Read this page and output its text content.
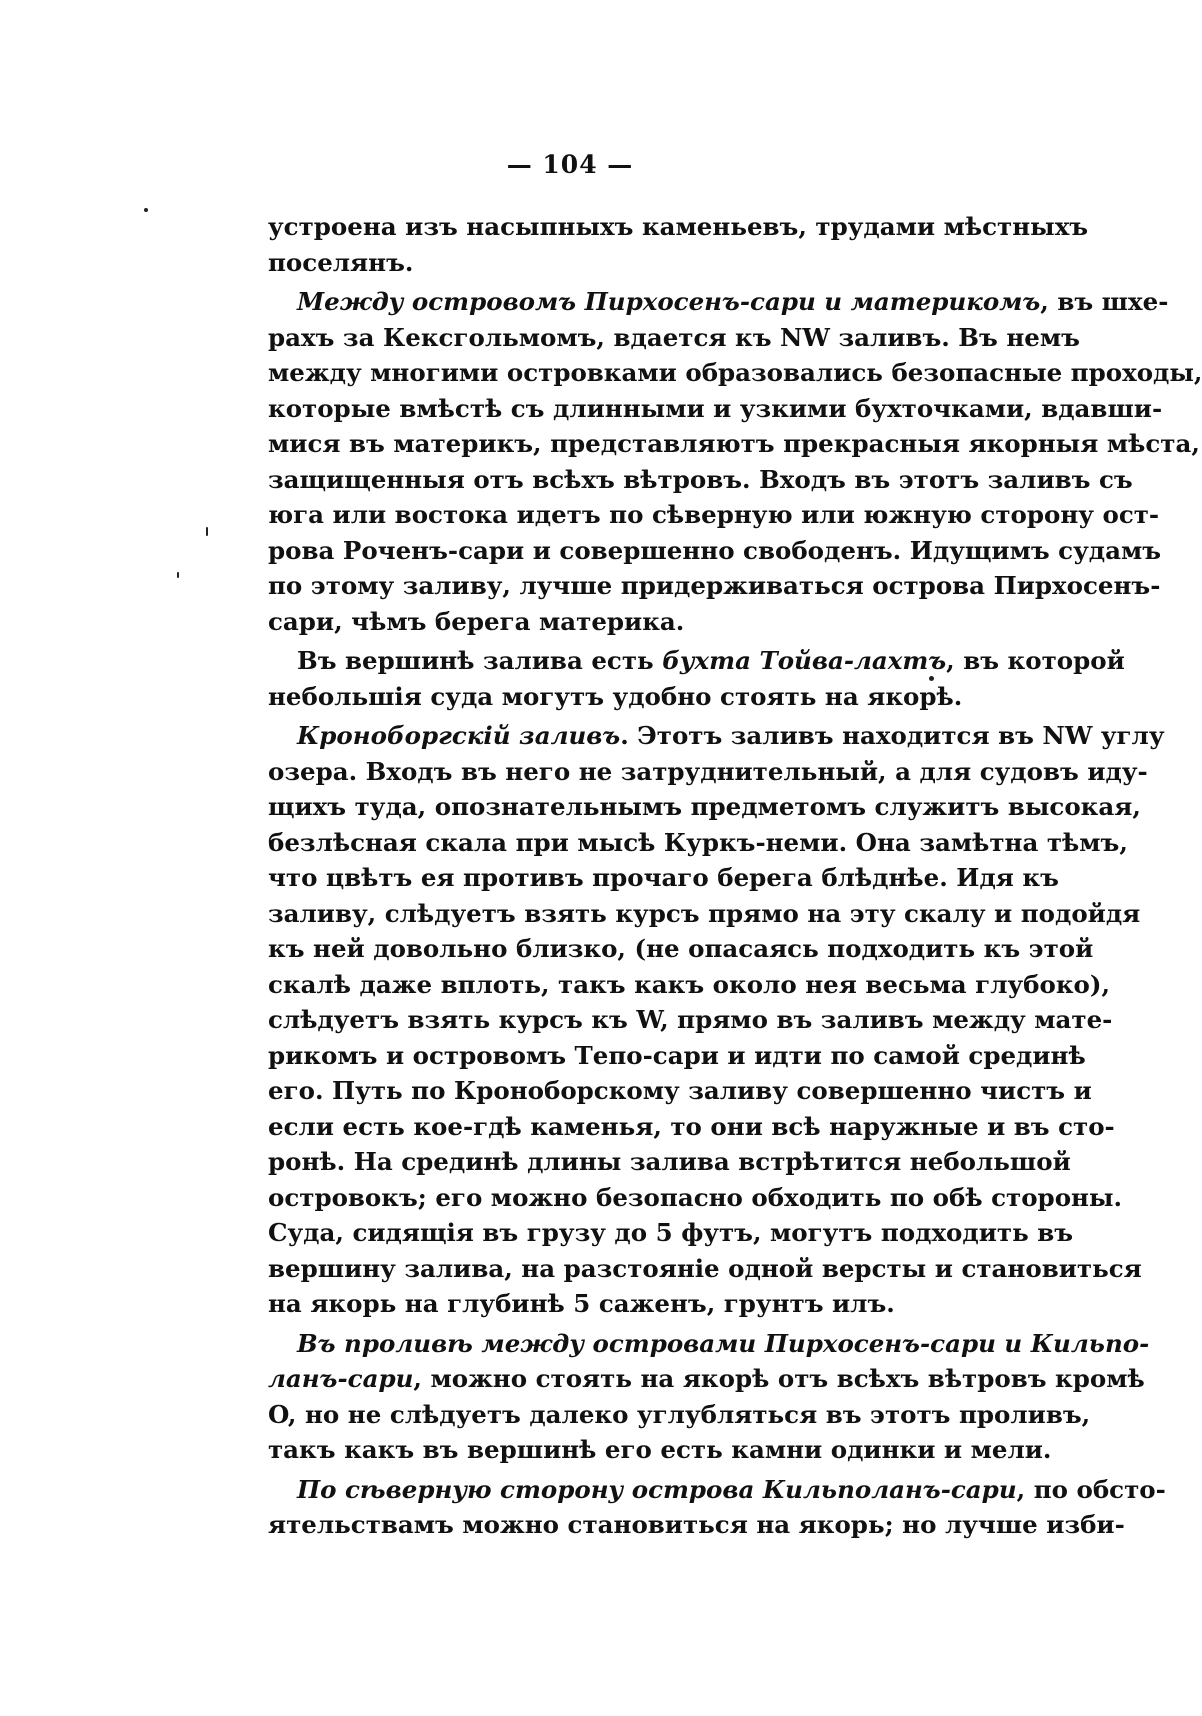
— 104 —
устроена изъ насыпныхъ каменьевъ, трудами мѣстныхъ
поселянъ.
Между островомъ Пирхосенъ-сари и материкомъ, въ шхе-
рахъ за Кексгольмомъ, вдается къ NW заливъ. Въ немъ
между многими островками образовались безопасные проходы,
которые вмѣстѣ съ длинными и узкими бухточками, вдавши-
мися въ материкъ, представляютъ прекрасныя якорныя мѣста,
защищенныя отъ всѣхъ вѣтровъ. Входъ въ этотъ заливъ съ
юга или востока идетъ по сѣверную или южную сторону ост-
рова Роченъ-сари и совершенно свободенъ. Идущимъ судамъ
по этому заливу, лучше придерживаться острова Пирхосенъ-
сари, чѣмъ берега материка.
Въ вершинѣ залива есть бухта Тойва-лахтъ, въ которой
небольшія суда могутъ удобно стоять на якорѣ.
Кроноборгскій заливъ. Этотъ заливъ находится въ NW углу
озера. Входъ въ него не затруднительный, а для судовъ иду-
щихъ туда, опознательнымъ предметомъ служитъ высокая,
безлѣсная скала при мысѣ Куркъ-неми. Она замѣтна тѣмъ,
что цвѣтъ ея противъ прочаго берега блѣднѣе. Идя къ
заливу, слѣдуетъ взять курсъ прямо на эту скалу и подойдя
къ ней довольно близко, (не опасаясь подходить къ этой
скалѣ даже вплоть, такъ какъ около нея весьма глубоко),
слѣдуетъ взять курсъ къ W, прямо въ заливъ между мате-
рикомъ и островомъ Тепо-сари и идти по самой срединѣ
его. Путь по Кроноборскому заливу совершенно чистъ и
если есть кое-гдѣ каменья, то они всѣ наружные и въ сто-
ронѣ. На срединѣ длины залива встрѣтится небольшой
островокъ; его можно безопасно обходить по обѣ стороны.
Суда, сидящія въ грузу до 5 футъ, могутъ подходить въ
вершину залива, на разстояніе одной версты и становиться
на якорь на глубинѣ 5 саженъ, грунтъ илъ.
Въ проливѣ между островами Пирхосенъ-сари и Кильпо-
ланъ-сари, можно стоять на якорѣ отъ всѣхъ вѣтровъ кромѣ
O, но не слѣдуетъ далеко углубляться въ этотъ проливъ,
такъ какъ въ вершинѣ его есть камни одинки и мели.
По сѣверную сторону острова Кильполанъ-сари, по обсто-
ятельствамъ можно становиться на якорь; но лучше изби-
